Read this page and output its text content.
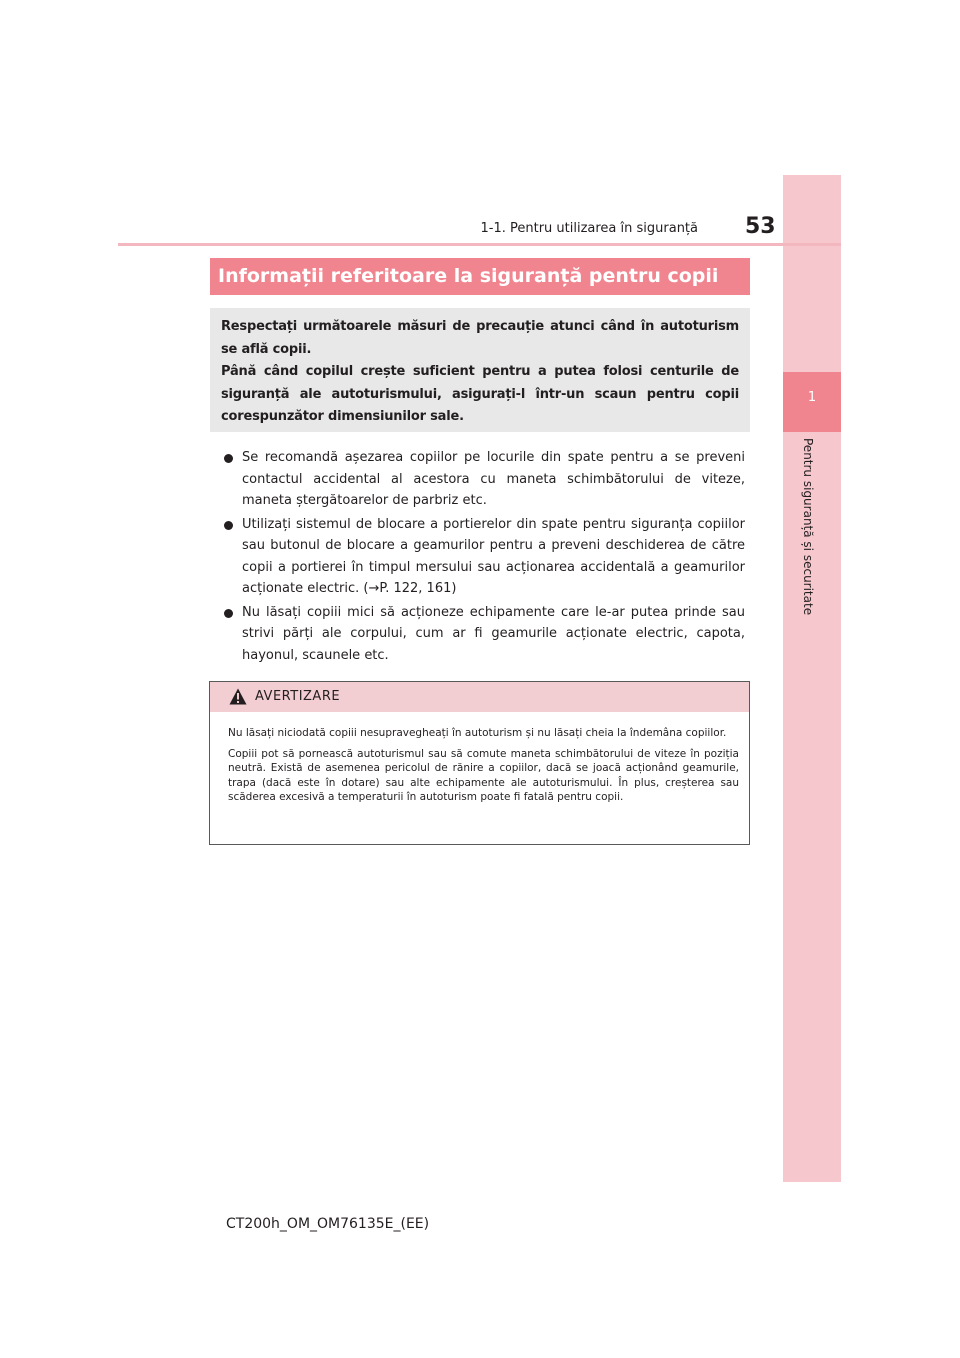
1
Pentru siguranță și securitate
1-1. Pentru utilizarea în siguranță 53
Informații referitoare la siguranță pentru copii

Respectați următoarele măsuri de precauție atunci când în autoturism se află copii.

Până când copilul crește suficient pentru a putea folosi centurile de siguranță ale autoturismului, asigurați-l într-un scaun pentru copii corespunzător dimensiunilor sale.

Se recomandă așezarea copiilor pe locurile din spate pentru a se preveni contactul accidental al acestora cu maneta schimbătorului de viteze, maneta ștergătoarelor de parbriz etc.
Utilizați sistemul de blocare a portierelor din spate pentru siguranța copiilor sau butonul de blocare a geamurilor pentru a preveni deschiderea de către copii a portierei în timpul mersului sau acționarea accidentală a geamurilor acționate electric. (→P. 122, 161)
Nu lăsați copiii mici să acționeze echipamente care le-ar putea prinde sau strivi părți ale corpului, cum ar fi geamurile acționate electric, capota, hayonul, scaunele etc.
AVERTIZARE

Nu lăsați niciodată copiii nesupravegheați în autoturism și nu lăsați cheia la îndemâna copiilor.

Copiii pot să pornească autoturismul sau să comute maneta schimbătorului de viteze în poziția neutră. Există de asemenea pericolul de rănire a copiilor, dacă se joacă acționând geamurile, trapa (dacă este în dotare) sau alte echipamente ale autoturismului. În plus, creșterea sau scăderea excesivă a temperaturii în autoturism poate fi fatală pentru copii.

CT200h_OM_OM76135E_(EE)
